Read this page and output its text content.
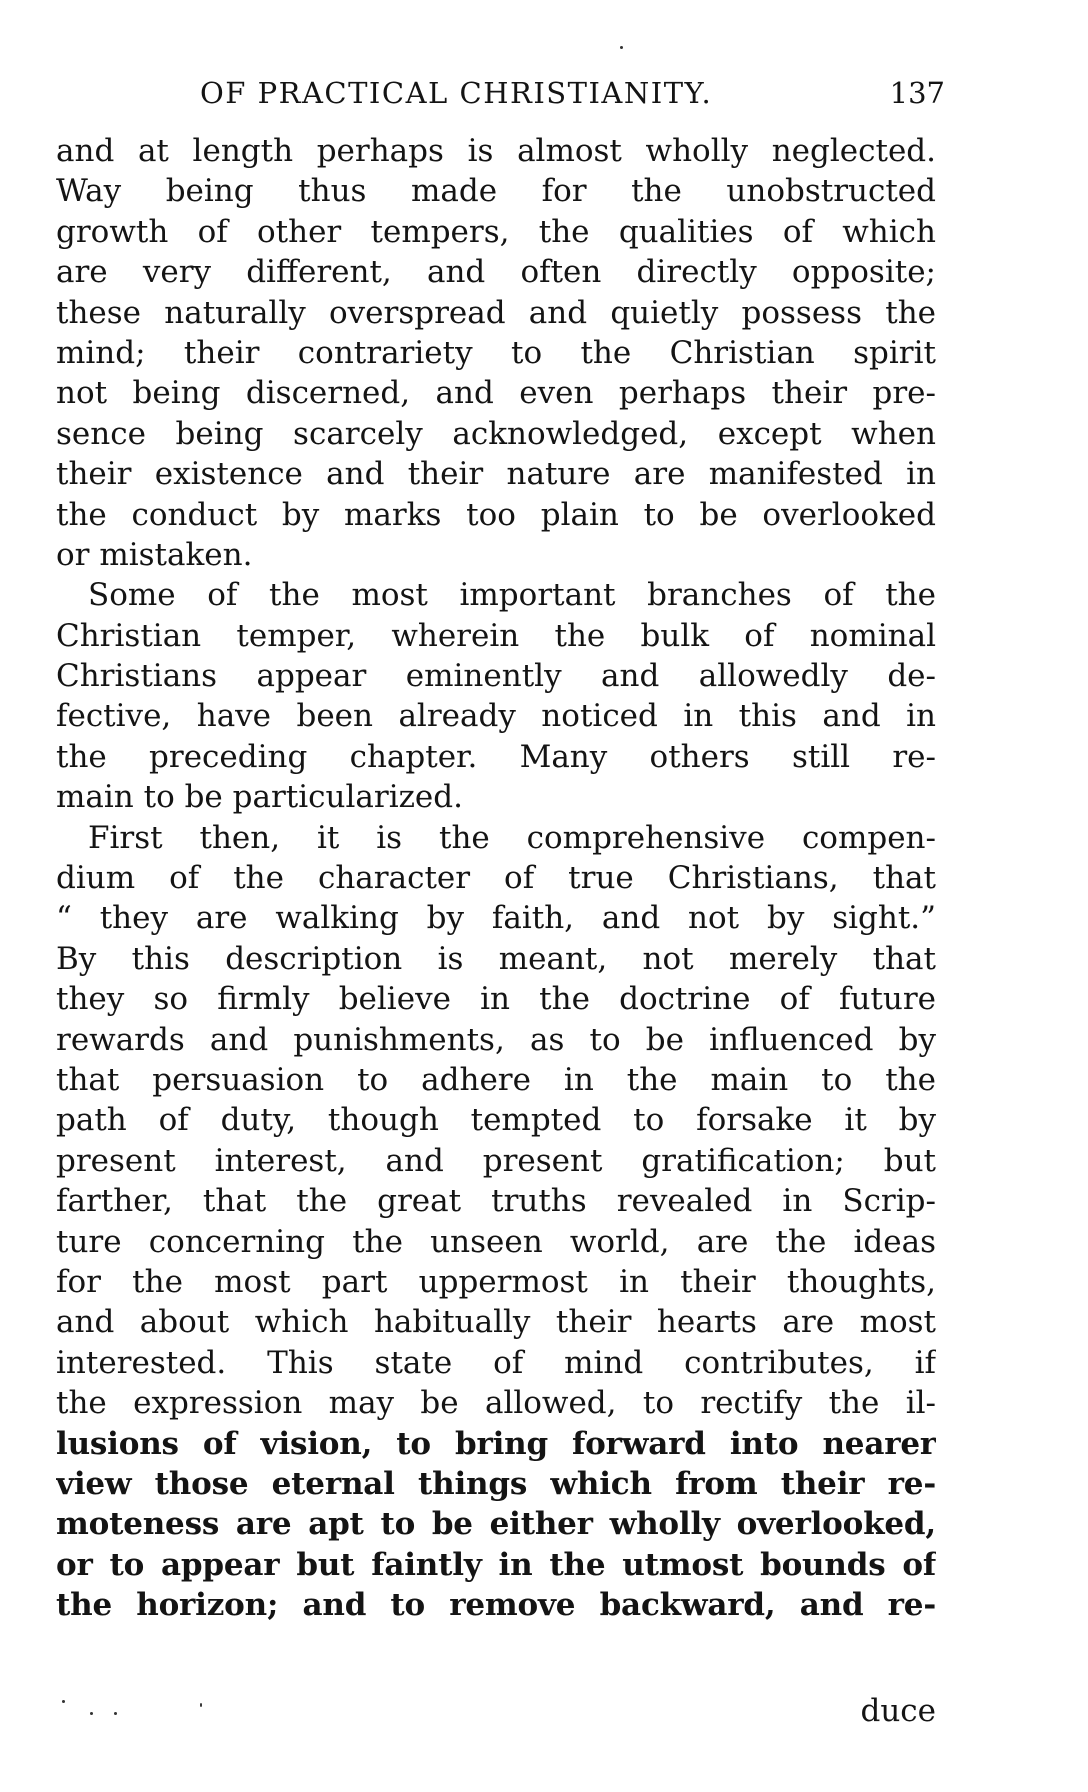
OF PRACTICAL CHRISTIANITY.	137
and at length perhaps is almost wholly neglected.
Way being thus made for the unobstructed
growth of other tempers, the qualities of which
are very different, and often directly opposite;
these naturally overspread and quietly possess the
mind; their contrariety to the Christian spirit
not being discerned, and even perhaps their pre-
sence being scarcely acknowledged, except when
their existence and their nature are manifested in
the conduct by marks too plain to be overlooked
or mistaken.
Some of the most important branches of the
Christian temper, wherein the bulk of nominal
Christians appear eminently and allowedly de-
fective, have been already noticed in this and in
the preceding chapter. Many others still re-
main to be particularized.
First then, it is the comprehensive compen-
dium of the character of true Christians, that
“ they are walking by faith, and not by sight.”
By this description is meant, not merely that
they so firmly believe in the doctrine of future
rewards and punishments, as to be influenced by
that persuasion to adhere in the main to the
path of duty, though tempted to forsake it by
present interest, and present gratification; but
farther, that the great truths revealed in Scrip-
ture concerning the unseen world, are the ideas
for the most part uppermost in their thoughts,
and about which habitually their hearts are most
interested. This state of mind contributes, if
the expression may be allowed, to rectify the il-
lusions of vision, to bring forward into nearer
view those eternal things which from their re-
moteness are apt to be either wholly overlooked,
or to appear but faintly in the utmost bounds of
the horizon; and to remove backward, and re-
duce
